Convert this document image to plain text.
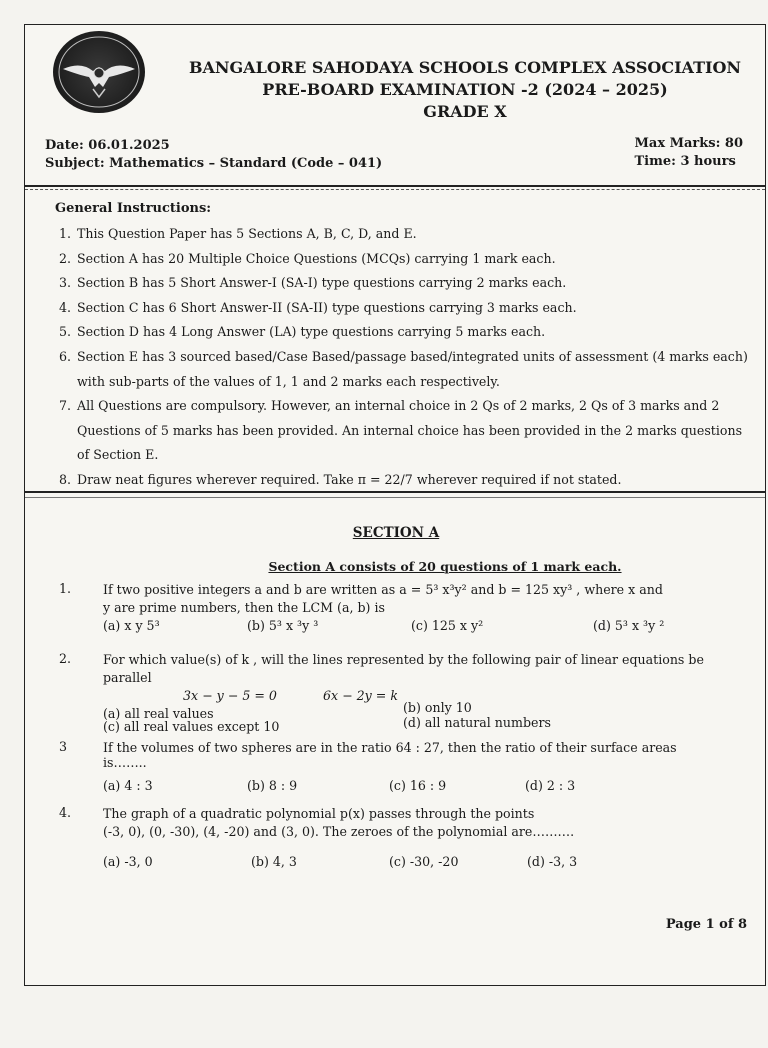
BANGALORE SAHODAYA SCHOOLS COMPLEX ASSOCIATION
PRE-BOARD EXAMINATION -2 (2024 – 2025)
GRADE X
Date: 06.01.2025
Subject: Mathematics – Standard (Code – 041)
Max Marks: 80
Time: 3 hours
General Instructions:
1. This Question Paper has 5 Sections A, B, C, D, and E.
2. Section A has 20 Multiple Choice Questions (MCQs) carrying 1 mark each.
3. Section B has 5 Short Answer-I (SA-I) type questions carrying 2 marks each.
4. Section C has 6 Short Answer-II (SA-II) type questions carrying 3 marks each.
5. Section D has 4 Long Answer (LA) type questions carrying 5 marks each.
6. Section E has 3 sourced based/Case Based/passage based/integrated units of assessment (4 marks each) with sub-parts of the values of 1, 1 and 2 marks each respectively.
7. All Questions are compulsory. However, an internal choice in 2 Qs of 2 marks, 2 Qs of 3 marks and 2 Questions of 5 marks has been provided. An internal choice has been provided in the 2 marks questions of Section E.
8. Draw neat figures wherever required. Take π = 22/7 wherever required if not stated.
SECTION A
Section A consists of 20 questions of 1 mark each.
1.	If two positive integers a and b are written as a = 5³ x³y² and b = 125 xy³ , where x and
y are prime numbers, then the LCM (a, b) is
(a) x y 5³	(b) 5³ x ³y ³	(c) 125 x y²	(d) 5³ x ³y ²
2.	For which value(s) of k , will the lines represented by the following pair of linear equations be
parallel
3x − y − 5 = 0	6x − 2y = k
(a) all real values	(b) only 10
(c) all real values except 10	(d) all natural numbers
3	If the volumes of two spheres are in the ratio 64 : 27, then the ratio of their surface areas
is……..
(a) 4 : 3	(b) 8 : 9	(c) 16 : 9	(d) 2 : 3
4.	The graph of a quadratic polynomial p(x) passes through the points
(-3, 0), (0, -30), (4, -20) and (3, 0). The zeroes of the polynomial are……….
(a) -3, 0	(b) 4, 3	(c) -30, -20	(d) -3, 3
Page 1 of 8
